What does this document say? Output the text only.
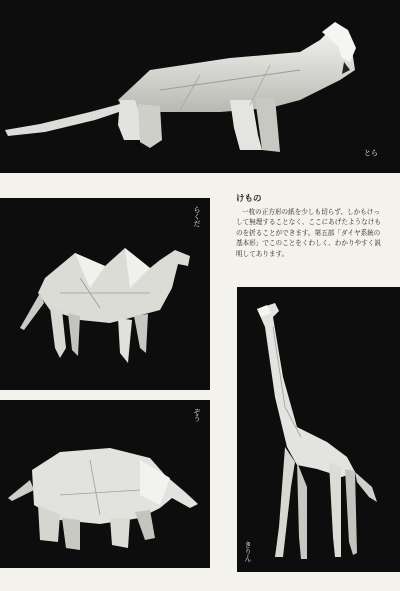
とら
らくだ
ぞう
けもの

一枚の正方形の紙を少しも切らず、しかもけっして無理することなく、ここにあげたようなけものを折ることができます。第五部「ダイヤ系統の基本形」でこのことをくわしく、わかりやすく説明してあります。

きりん
